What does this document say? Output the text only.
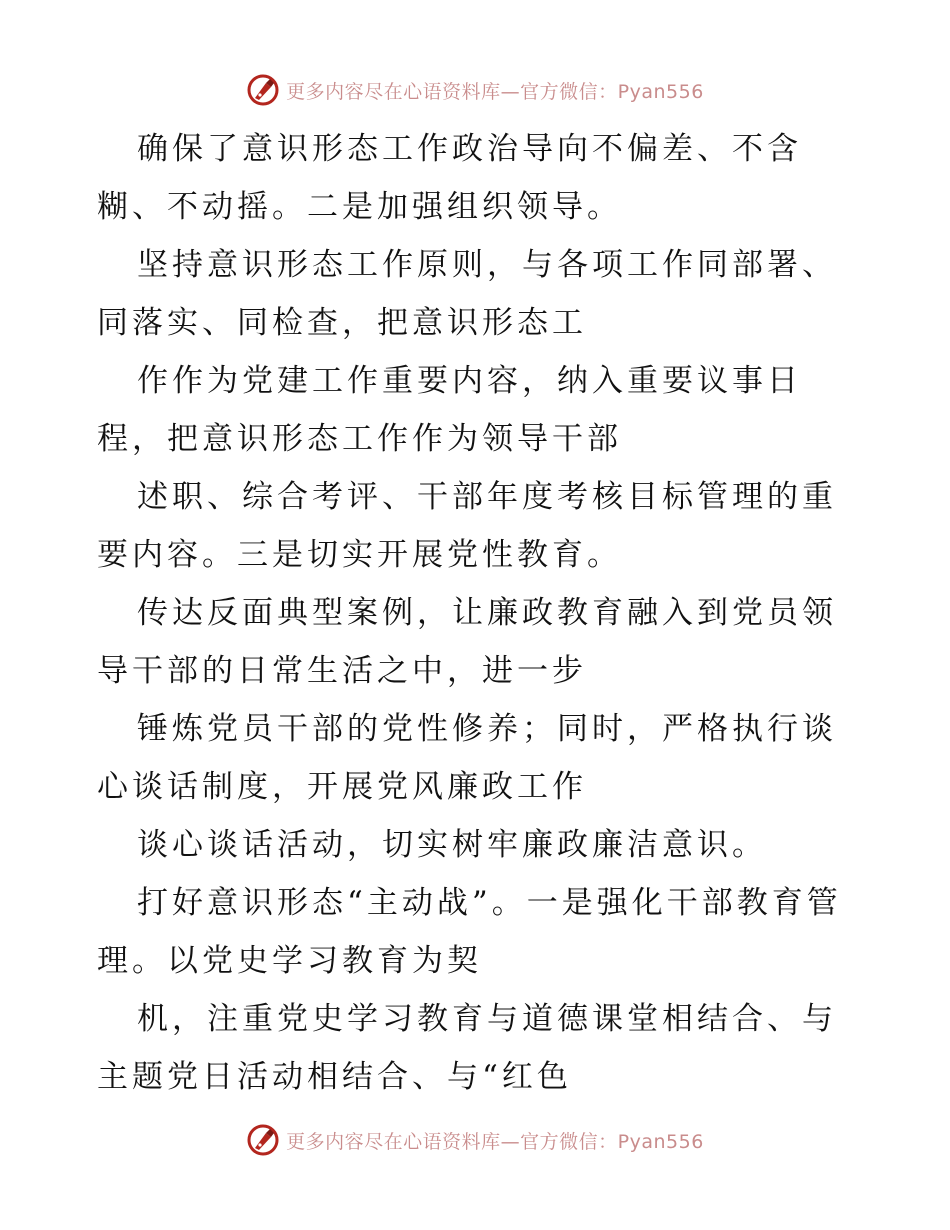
更多内容尽在心语资料库—官方微信：Pyan556

确保了意识形态工作政治导向不偏差、不含糊、不动摇。二是加强组织领导。

坚持意识形态工作原则，与各项工作同部署、同落实、同检查，把意识形态工

作作为党建工作重要内容，纳入重要议事日程，把意识形态工作作为领导干部

述职、综合考评、干部年度考核目标管理的重要内容。三是切实开展党性教育。

传达反面典型案例，让廉政教育融入到党员领导干部的日常生活之中，进一步

锤炼党员干部的党性修养；同时，严格执行谈心谈话制度，开展党风廉政工作

谈心谈话活动，切实树牢廉政廉洁意识。

打好意识形态“主动战”。一是强化干部教育管理。以党史学习教育为契

机，注重党史学习教育与道德课堂相结合、与主题党日活动相结合、与“红色

更多内容尽在心语资料库—官方微信：Pyan556
